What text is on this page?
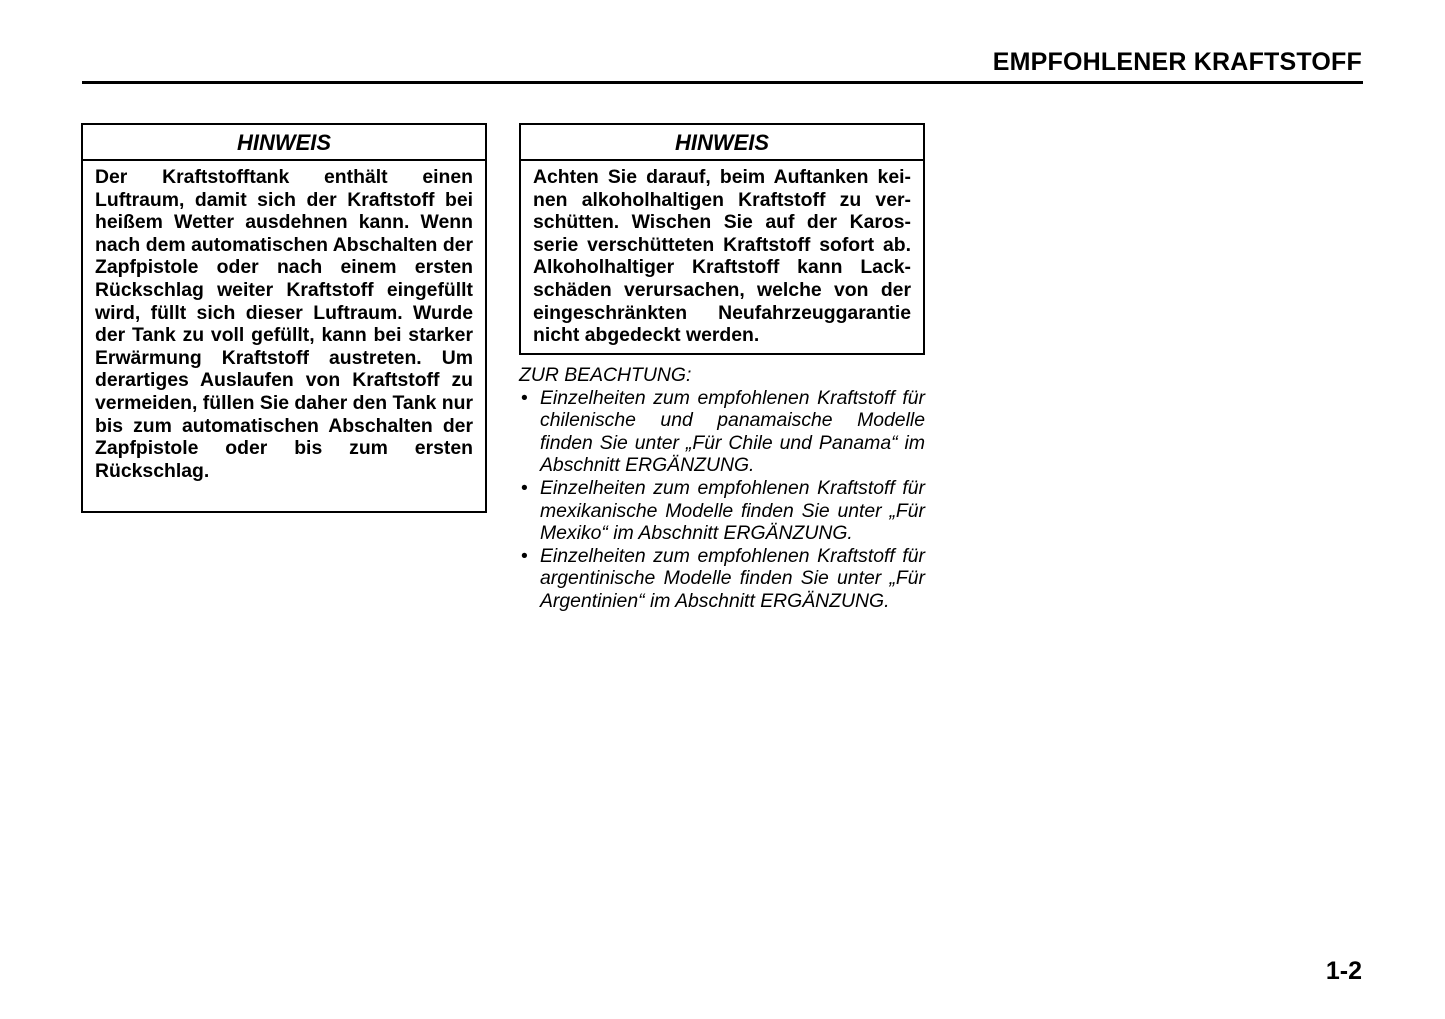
EMPFOHLENER KRAFTSTOFF
HINWEIS
Der Kraftstofftank enthält einen Luftraum, damit sich der Kraftstoff bei heißem Wetter ausdehnen kann. Wenn nach dem automatischen Abschalten der Zapfpistole oder nach einem ersten Rückschlag weiter Kraftstoff eingefüllt wird, füllt sich dieser Luftraum. Wurde der Tank zu voll gefüllt, kann bei starker Erwärmung Kraftstoff austreten. Um derartiges Auslaufen von Kraftstoff zu vermeiden, füllen Sie daher den Tank nur bis zum automatischen Abschalten der Zapfpistole oder bis zum ersten Rückschlag.
HINWEIS
Achten Sie darauf, beim Auftanken keinen alkoholhaltigen Kraftstoff zu verschütten. Wischen Sie auf der Karosserie verschütteten Kraftstoff sofort ab. Alkoholhaltiger Kraftstoff kann Lackschäden verursachen, welche von der eingeschränkten Neufahrzeuggarantie nicht abgedeckt werden.

ZUR BEACHTUNG:

• Einzelheiten zum empfohlenen Kraftstoff für chilenische und panamaische Modelle finden Sie unter „Für Chile und Panama“ im Abschnitt ERGÄNZUNG.
• Einzelheiten zum empfohlenen Kraftstoff für mexikanische Modelle finden Sie unter „Für Mexiko“ im Abschnitt ERGÄNZUNG.
• Einzelheiten zum empfohlenen Kraftstoff für argentinische Modelle finden Sie unter „Für Argentinien“ im Abschnitt ERGÄNZUNG.
1-2
